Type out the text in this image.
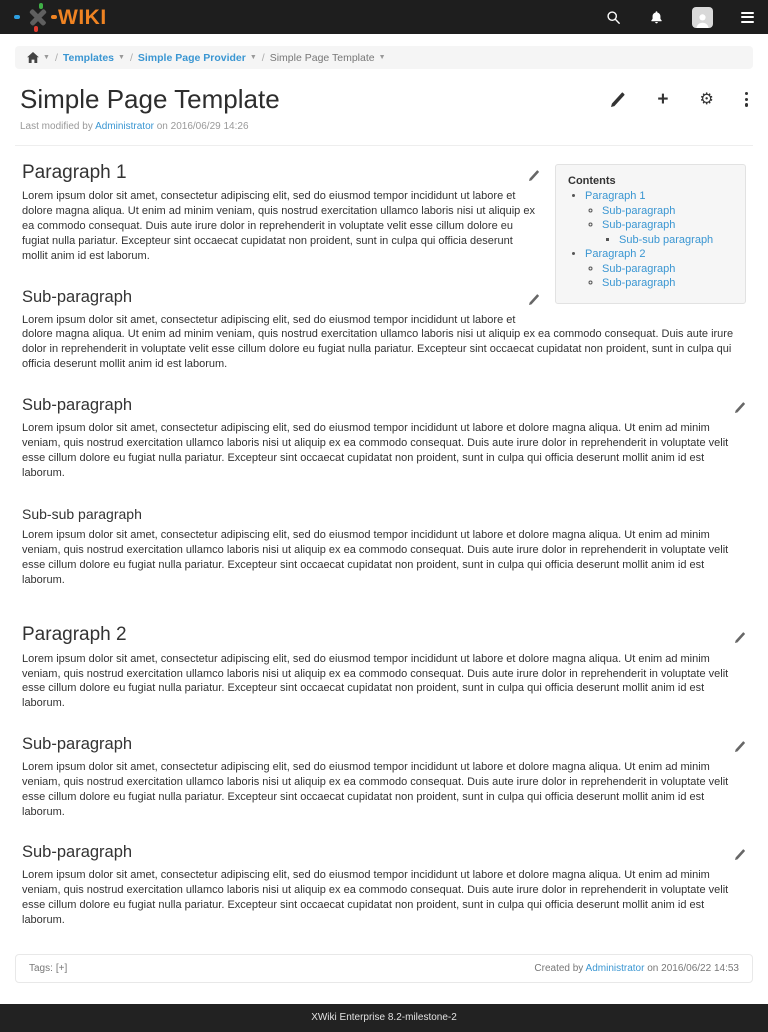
WIKI
▼ / Templates ▼ / Simple Page Provider ▼ / Simple Page Template ▼
Simple Page Template	+ ⚙
Last modified by Administrator on 2016/06/29 14:26
Contents
• Paragraph 1
◦ Sub-paragraph
◦ Sub-paragraph
▪ Sub-sub paragraph
• Paragraph 2
◦ Sub-paragraph
◦ Sub-paragraph
Paragraph 1

Lorem ipsum dolor sit amet, consectetur adipiscing elit, sed do eiusmod tempor incididunt ut labore et dolore magna aliqua. Ut enim ad minim veniam, quis nostrud exercitation ullamco laboris nisi ut aliquip ex ea commodo consequat. Duis aute irure dolor in reprehenderit in voluptate velit esse cillum dolore eu fugiat nulla pariatur. Excepteur sint occaecat cupidatat non proident, sunt in culpa qui officia deserunt mollit anim id est laborum.

Sub-paragraph

Lorem ipsum dolor sit amet, consectetur adipiscing elit, sed do eiusmod tempor incididunt ut labore et dolore magna aliqua. Ut enim ad minim veniam, quis nostrud exercitation ullamco laboris nisi ut aliquip ex ea commodo consequat. Duis aute irure dolor in reprehenderit in voluptate velit esse cillum dolore eu fugiat nulla pariatur. Excepteur sint occaecat cupidatat non proident, sunt in culpa qui officia deserunt mollit anim id est laborum.

Sub-paragraph

Lorem ipsum dolor sit amet, consectetur adipiscing elit, sed do eiusmod tempor incididunt ut labore et dolore magna aliqua. Ut enim ad minim veniam, quis nostrud exercitation ullamco laboris nisi ut aliquip ex ea commodo consequat. Duis aute irure dolor in reprehenderit in voluptate velit esse cillum dolore eu fugiat nulla pariatur. Excepteur sint occaecat cupidatat non proident, sunt in culpa qui officia deserunt mollit anim id est laborum.

Sub-sub paragraph

Lorem ipsum dolor sit amet, consectetur adipiscing elit, sed do eiusmod tempor incididunt ut labore et dolore magna aliqua. Ut enim ad minim veniam, quis nostrud exercitation ullamco laboris nisi ut aliquip ex ea commodo consequat. Duis aute irure dolor in reprehenderit in voluptate velit esse cillum dolore eu fugiat nulla pariatur. Excepteur sint occaecat cupidatat non proident, sunt in culpa qui officia deserunt mollit anim id est laborum.

Paragraph 2

Lorem ipsum dolor sit amet, consectetur adipiscing elit, sed do eiusmod tempor incididunt ut labore et dolore magna aliqua. Ut enim ad minim veniam, quis nostrud exercitation ullamco laboris nisi ut aliquip ex ea commodo consequat. Duis aute irure dolor in reprehenderit in voluptate velit esse cillum dolore eu fugiat nulla pariatur. Excepteur sint occaecat cupidatat non proident, sunt in culpa qui officia deserunt mollit anim id est laborum.

Sub-paragraph

Lorem ipsum dolor sit amet, consectetur adipiscing elit, sed do eiusmod tempor incididunt ut labore et dolore magna aliqua. Ut enim ad minim veniam, quis nostrud exercitation ullamco laboris nisi ut aliquip ex ea commodo consequat. Duis aute irure dolor in reprehenderit in voluptate velit esse cillum dolore eu fugiat nulla pariatur. Excepteur sint occaecat cupidatat non proident, sunt in culpa qui officia deserunt mollit anim id est laborum.

Sub-paragraph

Lorem ipsum dolor sit amet, consectetur adipiscing elit, sed do eiusmod tempor incididunt ut labore et dolore magna aliqua. Ut enim ad minim veniam, quis nostrud exercitation ullamco laboris nisi ut aliquip ex ea commodo consequat. Duis aute irure dolor in reprehenderit in voluptate velit esse cillum dolore eu fugiat nulla pariatur. Excepteur sint occaecat cupidatat non proident, sunt in culpa qui officia deserunt mollit anim id est laborum.

Tags: [+]	Created by Administrator on 2016/06/22 14:53
XWiki Enterprise 8.2-milestone-2
